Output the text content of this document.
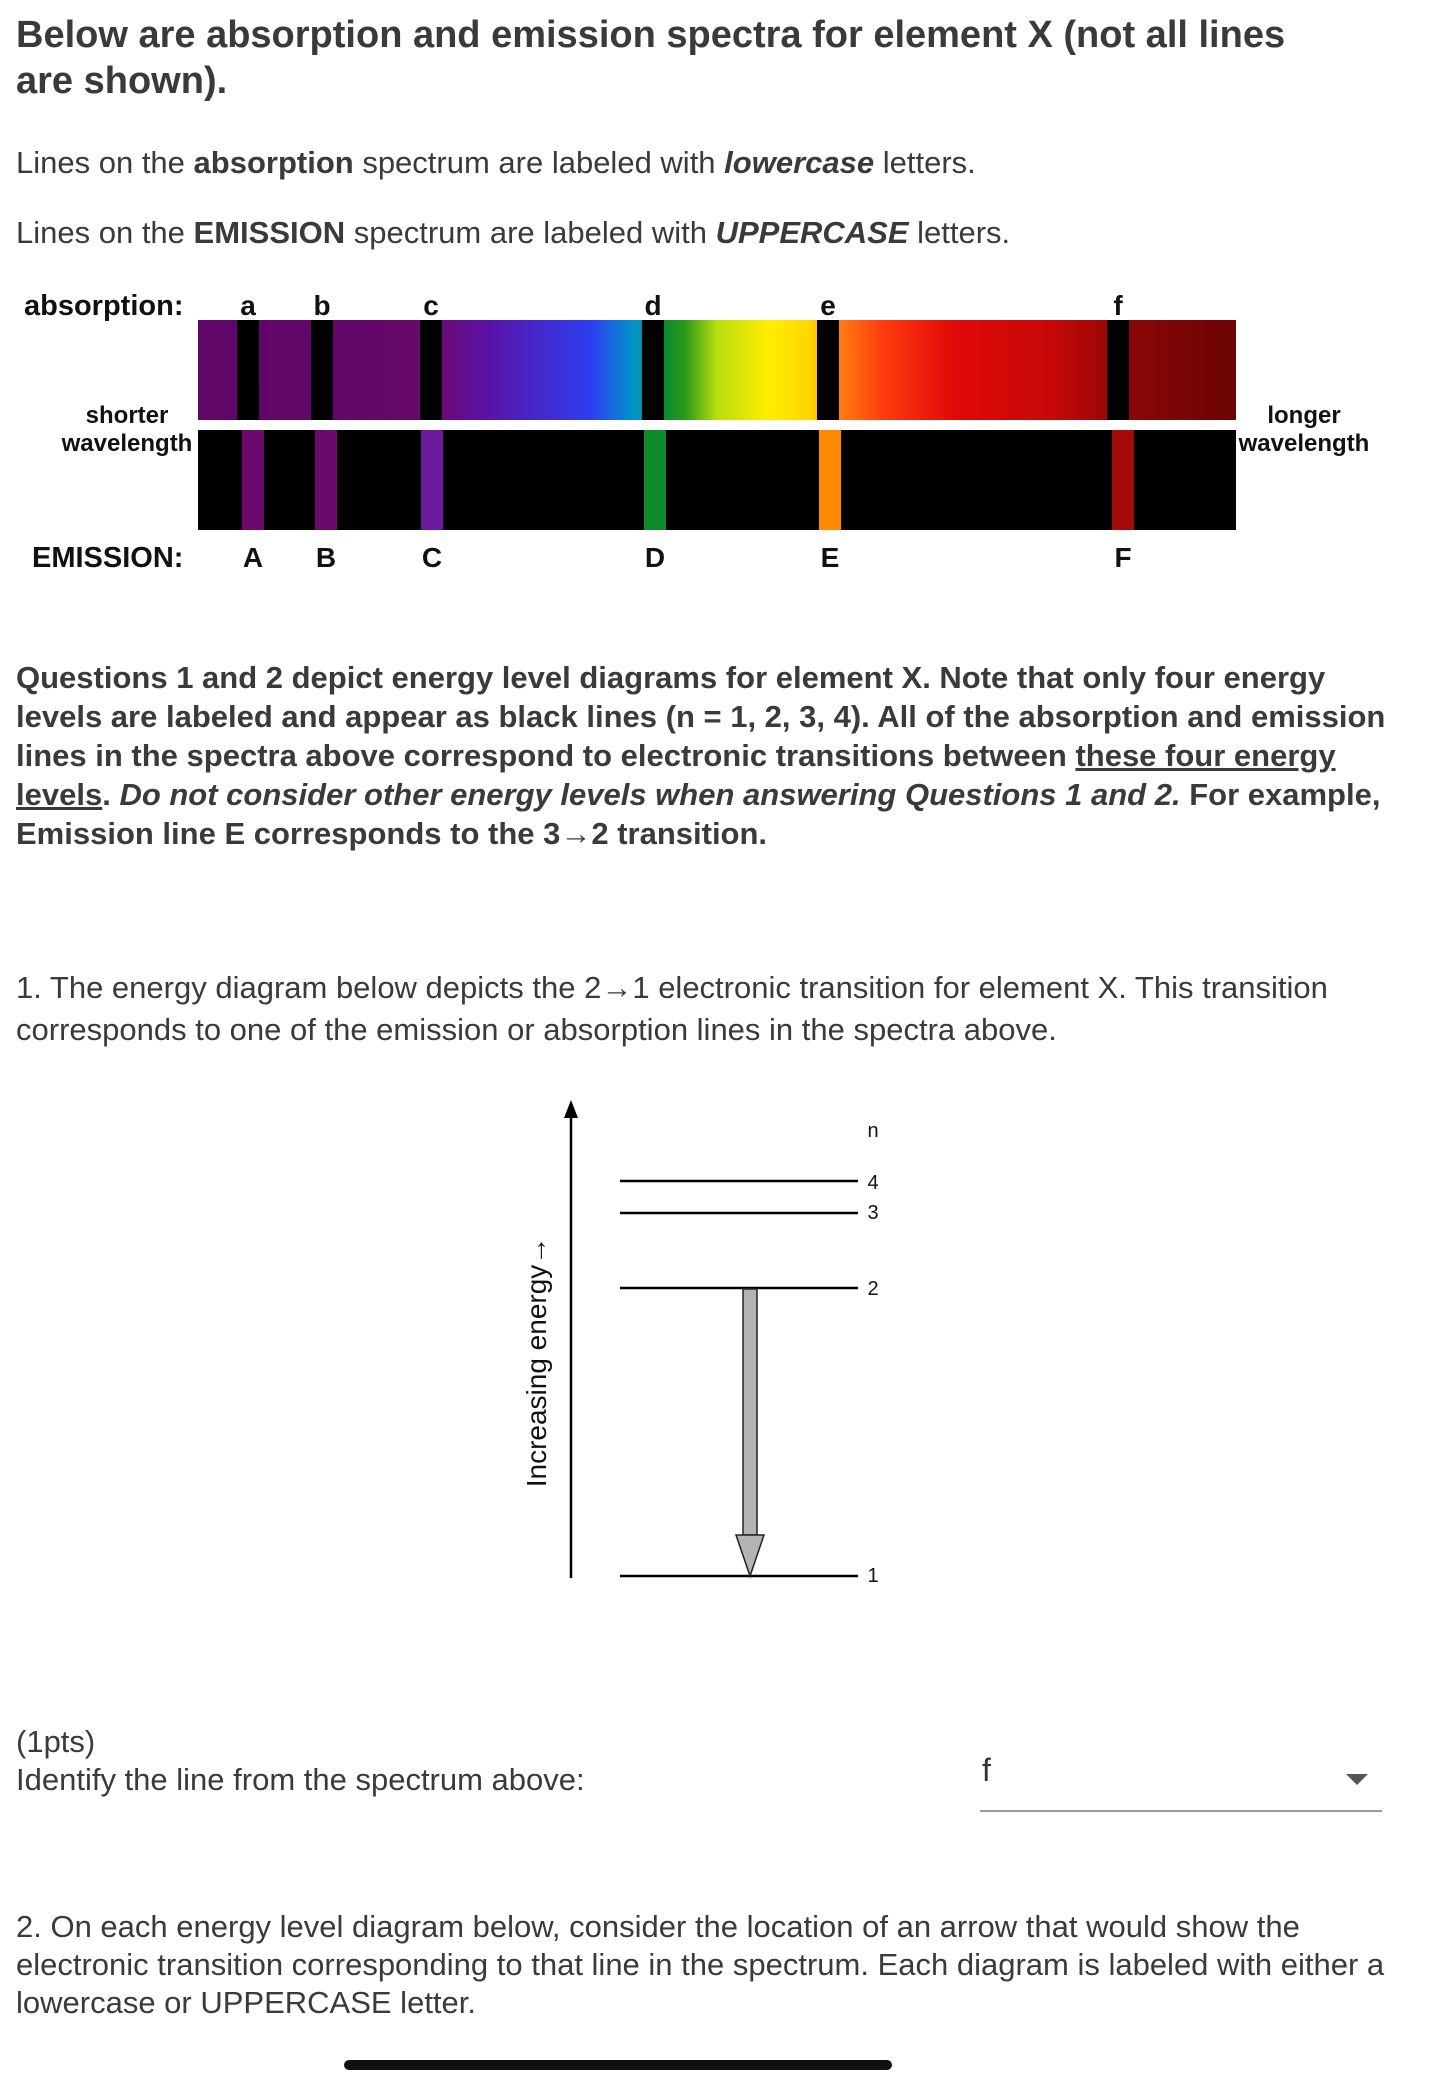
Below are absorption and emission spectra for element X (not all lines are shown).
Lines on the absorption spectrum are labeled with lowercase letters.
Lines on the EMISSION spectrum are labeled with UPPERCASE letters.
absorption:
EMISSION:
shorter wavelength
longer wavelength
a b	c	d	e	f
A B	C	D	E	F
Questions 1 and 2 depict energy level diagrams for element X. Note that only four energy levels are labeled and appear as black lines (n = 1, 2, 3, 4). All of the absorption and emission lines in the spectra above correspond to electronic transitions between these four energy levels. Do not consider other energy levels when answering Questions 1 and 2. For example, Emission line E corresponds to the 3→2 transition.
1. The energy diagram below depicts the 2→1 electronic transition for element X. This transition corresponds to one of the emission or absorption lines in the spectra above.
Increasing energy→
n
4
3
2
1
(1pts)
Identify the line from the spectrum above:	f
2. On each energy level diagram below, consider the location of an arrow that would show the electronic transition corresponding to that line in the spectrum. Each diagram is labeled with either a lowercase or UPPERCASE letter.
